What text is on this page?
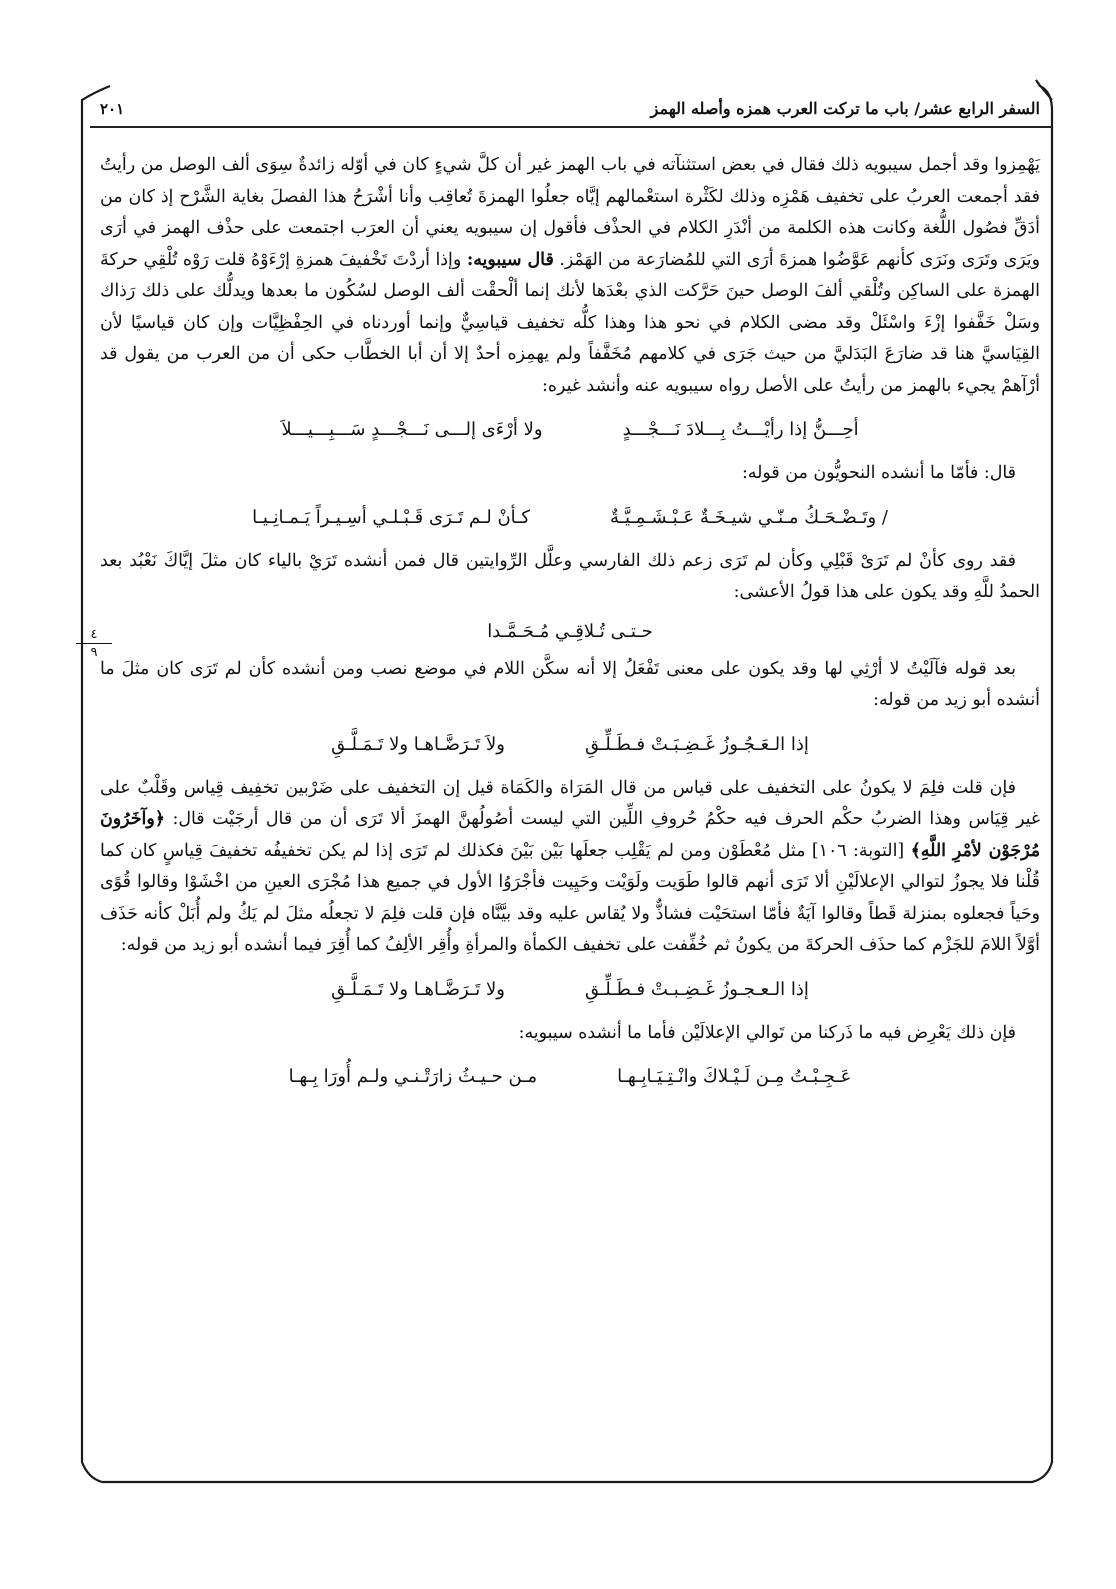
٤
٩
السفر الرابع عشر/ باب ما تركت العرب همزه وأصله الهمز
٢٠١

يَهْمِزوا وقد أجمل سيبويه ذلك فقال في بعض استثنآته في باب الهمز غير أن كلَّ شيءٍ كان في أوّله زائدةٌ سِوَى ألف الوصل من رأيتُ فقد أجمعت العربُ على تخفيف هَمْزِه وذلك لكَثْرة استعْمالهم إيَّاه جعلُوا الهمزةَ تُعاقِب وأنا أشْرَحُ هذا الفصلَ بغاية الشَّرْح إذ كان من أدَقِّ فصُول اللُّغة وكانت هذه الكلمة من أنْدَرِ الكلام في الحذْف فأقول إن سيبويه يعني أن العرَب اجتمعت على حذْف الهمز في أرَى ويَرَى وتَرَى ونَرَى كأنهم عَوَّضُوا همزةَ أرَى التي للمُضارَعة من الهَمْز. قال سيبويه: وإذا أردْتَ تَخْفيفَ همزةِ إرْءَوْهُ قلت رَوْه تُلْقِي حركةَ الهمزة على الساكِن وتُلْقي ألفَ الوصل حينَ حَرَّكت الذي بعْدَها لأنك إنما ألْحقْت ألف الوصل لسُكُون ما بعدها ويدلُّك على ذلك رَذاك وسَلْ خَفَّفوا إزْءَ واسْئَلْ وقد مضى الكلام في نحو هذا وهذا كلُّه تخفيف قياسِيٌّ وإنما أوردناه في الحِفْظِيَّات وإن كان قياسيًا لأن القِيَاسيَّ هنا قد ضارَعَ البَدَليَّ من حيث جَرَى في كلامهم مُخَفَّفاً ولم يهمِزه أحدٌ إلا أن أبا الخطَّاب حكى أن من العرب من يقول قد أرْآهمْ يجيء بالهمز من رأيتُ على الأصل رواه سيبويه عنه وأنشد غيره:

أحِـــنُّ إذا رأيْـــتُ بِـــلادَ نَـــجْـــدٍ
ولا أرْءَى إلـــى نَـــجْـــدٍ سَـــبِـــيـــلاَ

قال: فأمّا ما أنشده النحويُّون من قوله:

/ وتَـضْـحَـكُ مـنّـي شيـخَـةٌ عَـبْـشَـمِـيَّـةٌ
كـأنْ لـم تَـرَى قَـبْـلـي أسِـيـراً يَـمـانِـيـا

فقد روى كأنْ لم تَرَىْ قَبْلِي وكأن لم تَرَى زعم ذلك الفارسي وعلَّل الرِّوايتين قال فمن أنشده تَرَيْ بالياء كان مثلَ إيَّاكَ نَعْبُد بعد الحمدُ للَّهِ وقد يكون على هذا قولُ الأعشى:

حـتـى تُـلاقِـي مُـحَـمَّـدا

بعد قوله فآلَيْتُ لا أرْثِي لها وقد يكون على معنى تَفْعَلُ إلا أنه سكَّن اللام في موضع نصب ومن أنشده كأن لم تَرَى كان مثلَ ما أنشده أبو زيد من قوله:

إذا الـعَـجُـوزُ غَـضِـبَـتْ فـطَـلِّـقِ
ولاَ تَـرَضَّـاهـا ولا تَـمَـلَّـقِ

فإن قلت فلِمَ لا يكونُ على التخفيف على قياس من قال المَرَاة والكَمَاة قيل إن التخفيف على ضَرْبين تخفِيف قِياس وقَلْبٌ على غير قِيَاس وهذا الضربُ حكْم الحرف فيه حكْمُ حُروفِ اللِّين التي ليست أصُولُهنَّ الهمزَ ألا تَرَى أن من قال أرجَيْت قال: ﴿وآخَرُونَ مُرْجَوْن لأمْرِ اللَّهِ﴾ [التوبة: ١٠٦] مثل مُعْطَوْن ومن لم يَقْلِب جعلَها بَيْن بَيْنَ فكذلك لم تَرَى إذا لم يكن تخفيفُه تخفيفَ قِياسٍ كان كما قُلْنا فلا يجوزُ لتوالي الإعلالَيْنِ ألا تَرَى أنهم قالوا طَوَيت ولَوَيْت وحَيِيت فأجْرَوُا الأول في جميع هذا مُجْرَى العينِ من اخْشَوْا وقالوا قُوًى وحَياً فجعلوه بمنزلة قَطاً وقالوا آيَةٌ فأمّا استحَيْت فشاذٌّ ولا يُقاس عليه وقد بيَّنَّاه فإن قلت فلِمَ لا تجعلُه مثلَ لم يَكُ ولم أُبَلْ كأنه حَذَف أوَّلاً اللامَ للجَزْم كما حذَف الحركةَ من يكونُ ثم خُفِّفت على تخفيف الكمأة والمرأةِ وأُقِر الألِفُ كما أُقِرَ فيما أنشده أبو زيد من قوله:

إذا الـعـجـوزُ غَـضِـبـتْ فـطَـلِّـقِ
ولا تَـرَضَّـاهـا ولا تَـمَـلَّـقِ

فإن ذلك يَعْرِض فيه ما ذَركنا من تَوالي الإعلالَيْن فأما ما أنشده سيبويه:

عَـجِـبْـتُ مِـن لَـيْـلاكَ وانْـتِـيَـابِـهـا
مـن حـيـثُ زارَتْـنـي ولـم أُورَا بِـهـا
